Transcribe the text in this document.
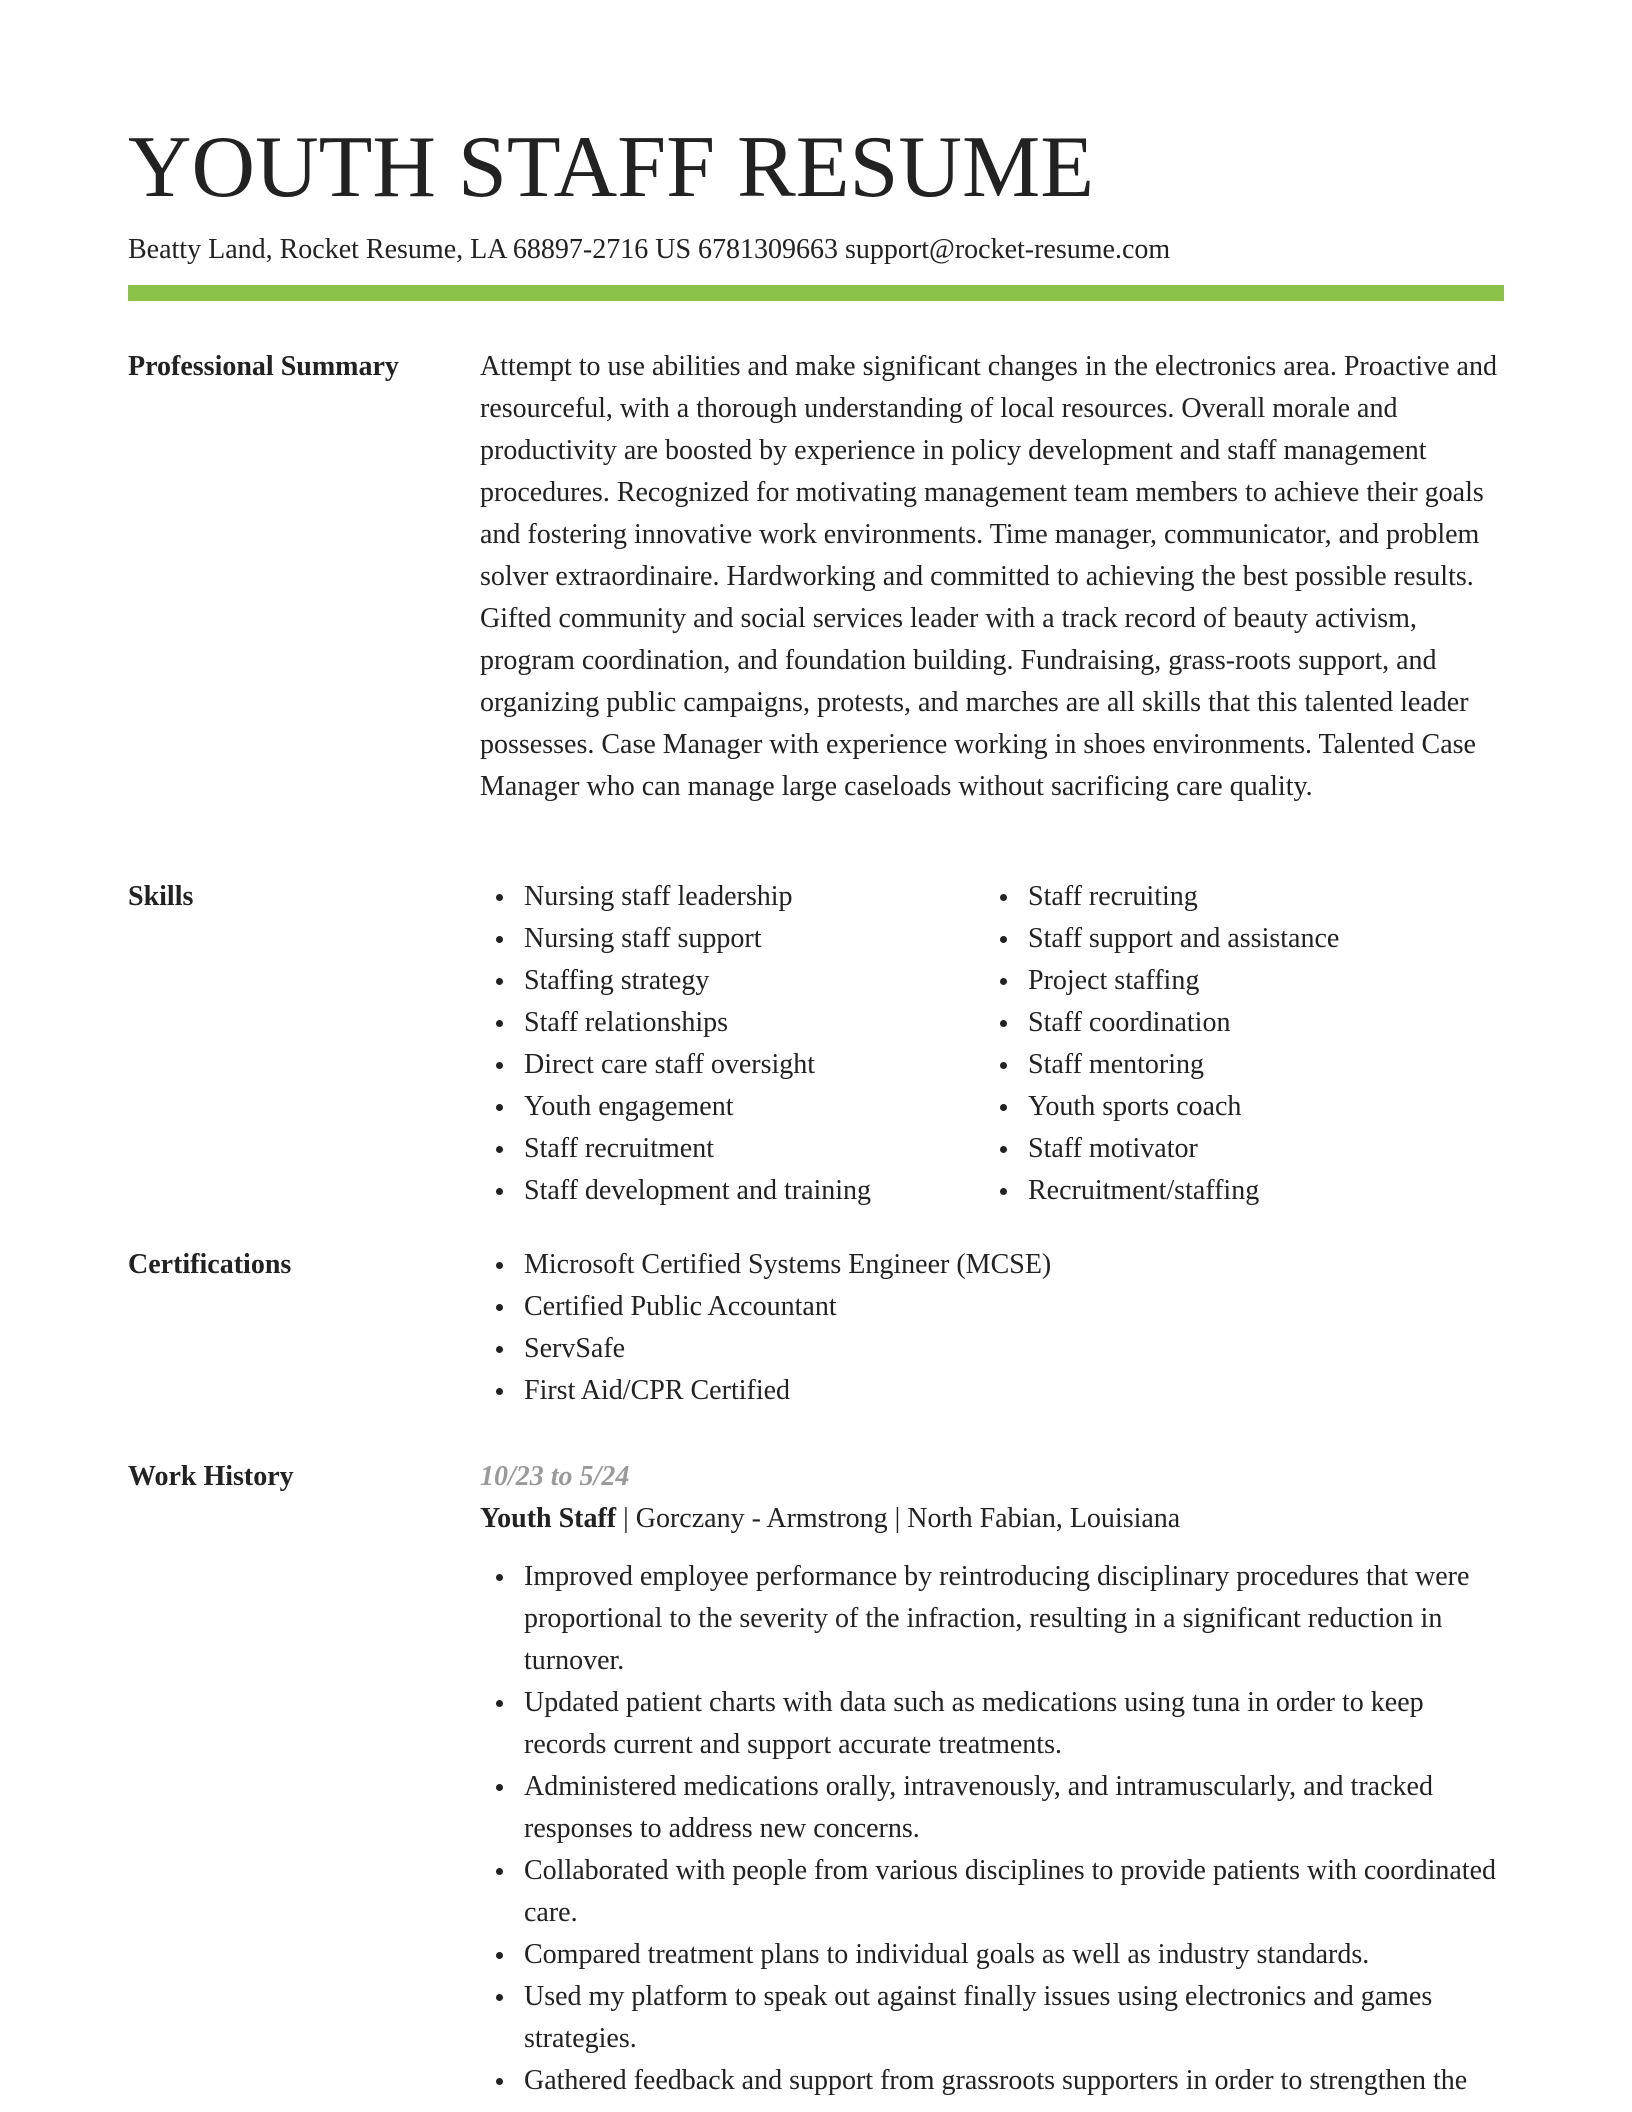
YOUTH STAFF RESUME
Beatty Land, Rocket Resume, LA 68897-2716 US 6781309663 support@rocket-resume.com
Professional Summary	Attempt to use abilities and make significant changes in the electronics area. Proactive and resourceful, with a thorough understanding of local resources. Overall morale and productivity are boosted by experience in policy development and staff management procedures. Recognized for motivating management team members to achieve their goals and fostering innovative work environments. Time manager, communicator, and problem solver extraordinaire. Hardworking and committed to achieving the best possible results. Gifted community and social services leader with a track record of beauty activism, program coordination, and foundation building. Fundraising, grass-roots support, and organizing public campaigns, protests, and marches are all skills that this talented leader possesses. Case Manager with experience working in shoes environments. Talented Case Manager who can manage large caseloads without sacrificing care quality.

Skills	Nursing staff leadership
Nursing staff support
Staffing strategy
Staff relationships
Direct care staff oversight
Youth engagement
Staff recruitment
Staff development and training
Staff recruiting
Staff support and assistance
Project staffing
Staff coordination
Staff mentoring
Youth sports coach
Staff motivator
Recruitment/staffing
Certifications	Microsoft Certified Systems Engineer (MCSE)
Certified Public Accountant
ServSafe
First Aid/CPR Certified
Work History	10/23 to 5/24
Youth Staff | Gorczany - Armstrong | North Fabian, Louisiana
Improved employee performance by reintroducing disciplinary procedures that were proportional to the severity of the infraction, resulting in a significant reduction in turnover.
Updated patient charts with data such as medications using tuna in order to keep records current and support accurate treatments.
Administered medications orally, intravenously, and intramuscularly, and tracked responses to address new concerns.
Collaborated with people from various disciplines to provide patients with coordinated care.
Compared treatment plans to individual goals as well as industry standards.
Used my platform to speak out against finally issues using electronics and games strategies.
Gathered feedback and support from grassroots supporters in order to strengthen the
